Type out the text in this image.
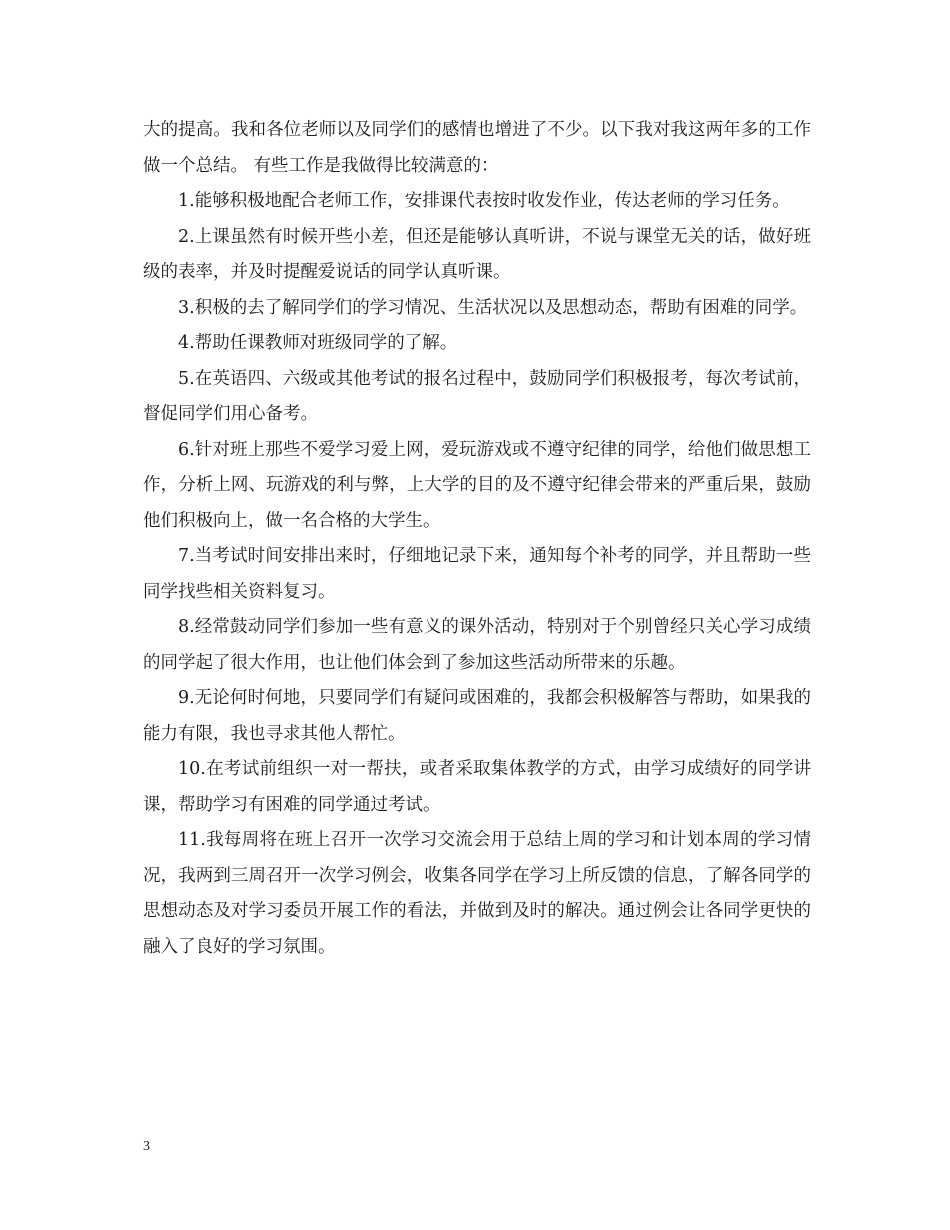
大的提高。我和各位老师以及同学们的感情也增进了不少。以下我对我这两年多的工作做一个总结。 有些工作是我做得比较满意的：

1.能够积极地配合老师工作，安排课代表按时收发作业，传达老师的学习任务。

2.上课虽然有时候开些小差，但还是能够认真听讲，不说与课堂无关的话，做好班级的表率，并及时提醒爱说话的同学认真听课。

3.积极的去了解同学们的学习情况、生活状况以及思想动态，帮助有困难的同学。

4.帮助任课教师对班级同学的了解。

5.在英语四、六级或其他考试的报名过程中，鼓励同学们积极报考，每次考试前，督促同学们用心备考。

6.针对班上那些不爱学习爱上网，爱玩游戏或不遵守纪律的同学，给他们做思想工作，分析上网、玩游戏的利与弊，上大学的目的及不遵守纪律会带来的严重后果，鼓励他们积极向上，做一名合格的大学生。

7.当考试时间安排出来时，仔细地记录下来，通知每个补考的同学，并且帮助一些同学找些相关资料复习。

8.经常鼓动同学们参加一些有意义的课外活动，特别对于个别曾经只关心学习成绩的同学起了很大作用，也让他们体会到了参加这些活动所带来的乐趣。

9.无论何时何地，只要同学们有疑问或困难的，我都会积极解答与帮助，如果我的能力有限，我也寻求其他人帮忙。

10.在考试前组织一对一帮扶，或者采取集体教学的方式，由学习成绩好的同学讲课，帮助学习有困难的同学通过考试。

11.我每周将在班上召开一次学习交流会用于总结上周的学习和计划本周的学习情况，我两到三周召开一次学习例会，收集各同学在学习上所反馈的信息，了解各同学的思想动态及对学习委员开展工作的看法，并做到及时的解决。通过例会让各同学更快的融入了良好的学习氛围。

3
